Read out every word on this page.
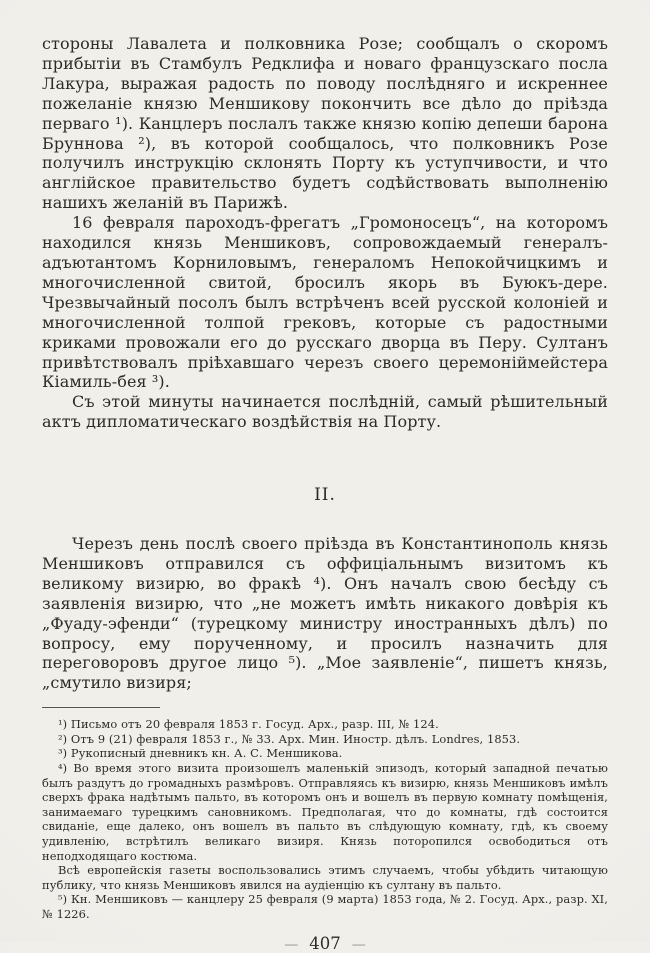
стороны Лавалета и полковника Розе; сообщалъ о скоромъ прибытіи въ Стамбулъ Редклифа и новаго французскаго посла Лакура, выражая радость по поводу послѣдняго и искреннее пожеланіе князю Меншикову покончить все дѣло до пріѣзда перваго ¹). Канцлеръ послалъ также князю копію депеши барона Бруннова ²), въ которой сообщалось, что полковникъ Розе получилъ инструкцію склонять Порту къ уступчивости, и что англійское правительство будетъ содѣйствовать выполненію нашихъ желаній въ Парижѣ.

16 февраля пароходъ-фрегатъ „Громоносецъ“, на которомъ находился князь Меншиковъ, сопровождаемый генералъ-адъютантомъ Корниловымъ, генераломъ Непокойчицкимъ и многочисленной свитой, бросилъ якорь въ Буюкъ-дере. Чрезвычайный посолъ былъ встрѣченъ всей русской колоніей и многочисленной толпой грековъ, которые съ радостными криками провожали его до русскаго дворца въ Перу. Султанъ привѣтствовалъ пріѣхавшаго черезъ своего церемоніймейстера Кіамиль-бея ³).

Съ этой минуты начинается послѣдній, самый рѣшительный актъ дипломатическаго воздѣйствія на Порту.

II.

Черезъ день послѣ своего пріѣзда въ Константинополь князь Меншиковъ отправился съ оффиціальнымъ визитомъ къ великому визирю, во фракѣ ⁴). Онъ началъ свою бесѣду съ заявленія визирю, что „не можетъ имѣть никакого довѣрія къ „Фуаду-эфенди“ (турецкому министру иностранныхъ дѣлъ) по вопросу, ему порученному, и просилъ назначить для переговоровъ другое лицо ⁵). „Мое заявленіе“, пишетъ князь, „смутило визиря;

¹) Письмо отъ 20 февраля 1853 г. Госуд. Арх., разр. III, № 124.

²) Отъ 9 (21) февраля 1853 г., № 33. Арх. Мин. Иностр. дѣлъ. Londres, 1853.

³) Рукописный дневникъ кн. А. С. Меншикова.

⁴) Во время этого визита произошелъ маленькій эпизодъ, который западной печатью былъ раздутъ до громадныхъ размѣровъ. Отправляясь къ визирю, князь Меншиковъ имѣлъ сверхъ фрака надѣтымъ пальто, въ которомъ онъ и вошелъ въ первую комнату помѣщенія, занимаемаго турецкимъ сановникомъ. Предполагая, что до комнаты, гдѣ состоится свиданіе, еще далеко, онъ вошелъ въ пальто въ слѣдующую комнату, гдѣ, къ своему удивленію, встрѣтилъ великаго визиря. Князь поторопился освободиться отъ неподходящаго костюма.

Всѣ европейскія газеты воспользовались этимъ случаемъ, чтобы убѣдить читающую публику, что князь Меншиковъ явился на аудіенцію къ султану въ пальто.

⁵) Кн. Меншиковъ — канцлеру 25 февраля (9 марта) 1853 года, № 2. Госуд. Арх., разр. XI, № 1226.

— 407 —
